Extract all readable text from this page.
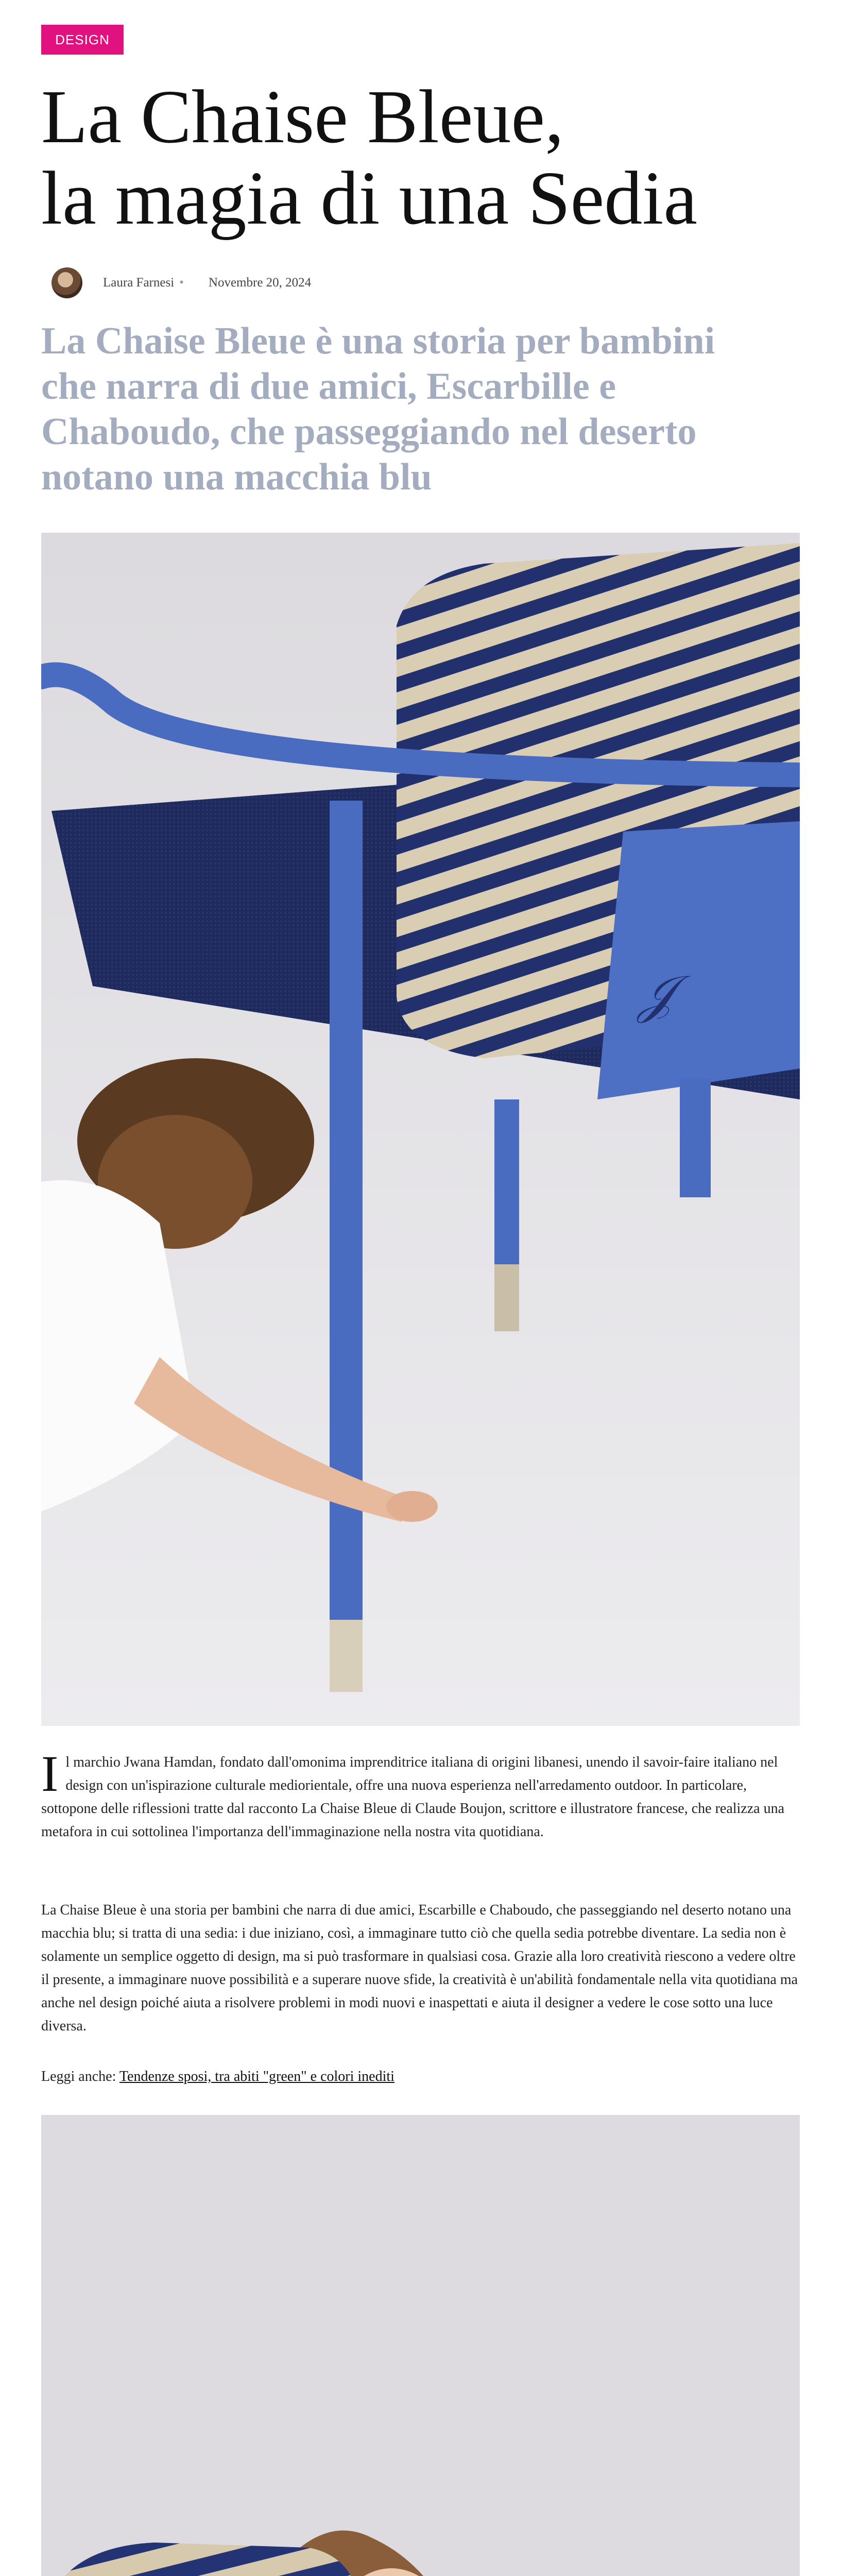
DESIGN
La Chaise Bleue,
la magia di una Sedia
Laura Farnesi • Novembre 20, 2024
La Chaise Bleue è una storia per bambini che narra di due amici, Escarbille e Chaboudo, che passeggiando nel deserto notano una macchia blu
𝒥

Il marchio Jwana Hamdan, fondato dall'omonima imprenditrice italiana di origini libanesi, unendo il savoir-faire italiano nel design con un'ispirazione culturale mediorientale, offre una nuova esperienza nell'arredamento outdoor. In particolare, sottopone delle riflessioni tratte dal racconto La Chaise Bleue di Claude Boujon, scrittore e illustratore francese, che realizza una metafora in cui sottolinea l'importanza dell'immaginazione nella nostra vita quotidiana.

La Chaise Bleue è una storia per bambini che narra di due amici, Escarbille e Chaboudo, che passeggiando nel deserto notano una macchia blu; si tratta di una sedia: i due iniziano, così, a immaginare tutto ciò che quella sedia potrebbe diventare. La sedia non è solamente un semplice oggetto di design, ma si può trasformare in qualsiasi cosa. Grazie alla loro creatività riescono a vedere oltre il presente, a immaginare nuove possibilità e a superare nuove sfide, la creatività è un'abilità fondamentale nella vita quotidiana ma anche nel design poiché aiuta a risolvere problemi in modi nuovi e inaspettati e aiuta il designer a vedere le cose sotto una luce diversa.

Leggi anche: Tendenze sposi, tra abiti "green" e colori inediti
